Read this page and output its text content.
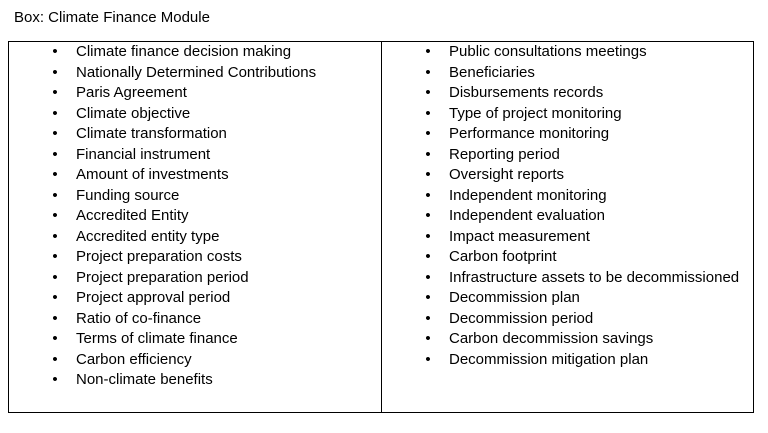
Box: Climate Finance Module
• Climate finance decision making
• Nationally Determined Contributions
• Paris Agreement
• Climate objective
• Climate transformation
• Financial instrument
• Amount of investments
• Funding source
• Accredited Entity
• Accredited entity type
• Project preparation costs
• Project preparation period
• Project approval period
• Ratio of co-finance
• Terms of climate finance
• Carbon efficiency
• Non-climate benefits
• Public consultations meetings
• Beneficiaries
• Disbursements records
• Type of project monitoring
• Performance monitoring
• Reporting period
• Oversight reports
• Independent monitoring
• Independent evaluation
• Impact measurement
• Carbon footprint
• Infrastructure assets to be decommissioned
• Decommission plan
• Decommission period
• Carbon decommission savings
• Decommission mitigation plan
